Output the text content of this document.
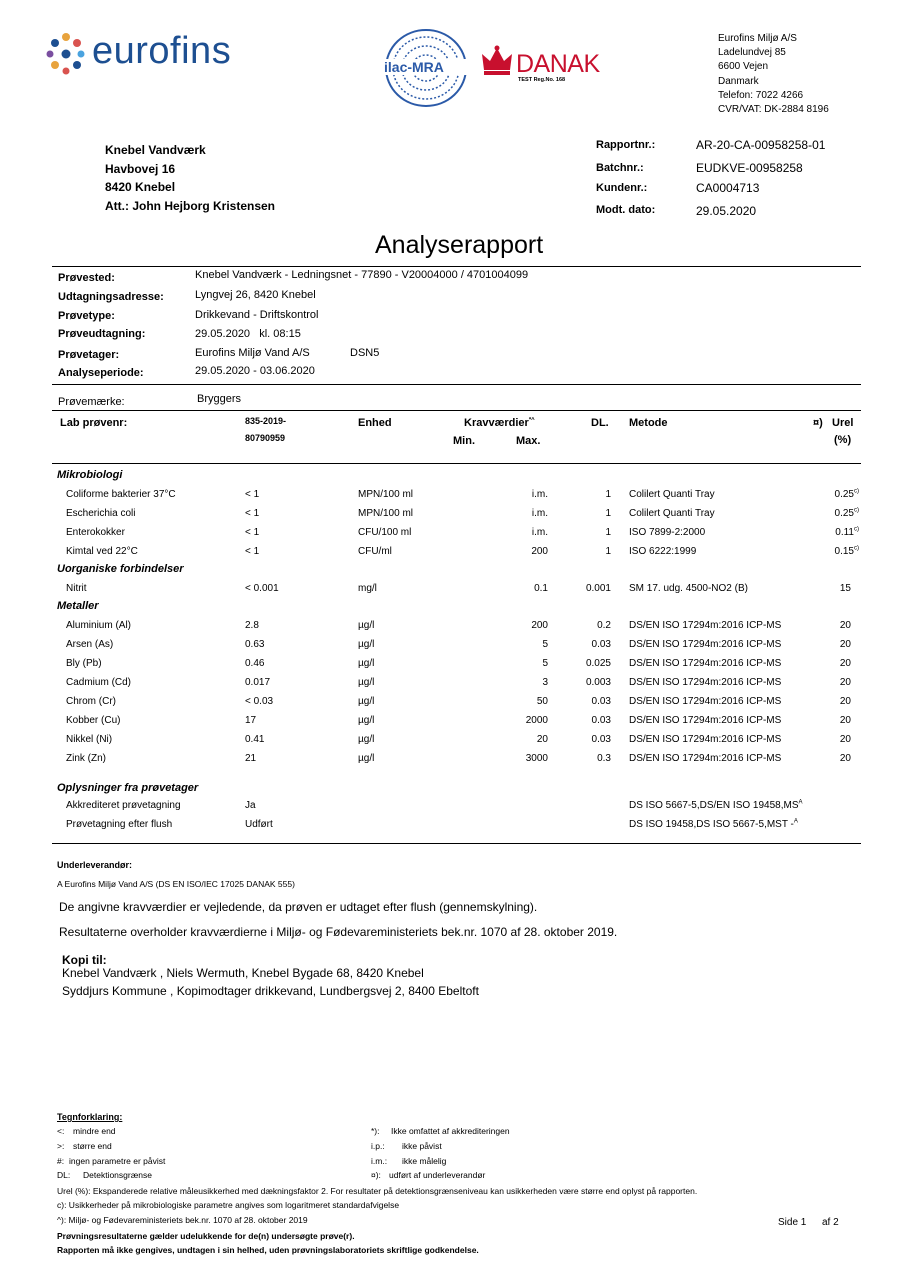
eurofins	ilac-MRA	DANAK
TEST Reg.No. 168
Eurofins Miljø A/S
Ladelundvej 85
6600 Vejen
Danmark
Telefon: 7022 4266
CVR/VAT: DK-2884 8196
Knebel Vandværk
Havbovej 16
8420 Knebel
Att.: John Hejborg Kristensen
Rapportnr.:	AR-20-CA-00958258-01
Batchnr.:	EUDKVE-00958258
Kundenr.:	CA0004713
Modt. dato:	29.05.2020
Analyserapport
Prøvested:	Knebel Vandværk - Ledningsnet - 77890 - V20004000 / 4701004099
Udtagningsadresse:	Lyngvej 26, 8420 Knebel
Prøvetype:	Drikkevand - Driftskontrol
Prøveudtagning:	29.05.2020   kl. 08:15
Prøvetager:	Eurofins Miljø Vand A/S	DSN5
Analyseperiode:	29.05.2020 - 03.06.2020
Prøvemærke:	Bryggers
Lab prøvenr:	835-2019-
80790959
Enhed	Kravværdier*^
Min.	Max.
DL. Metode	¤) Urel
(%)
Mikrobiologi
Coliforme bakterier 37°C	< 1	MPN/100 ml	i.m.	1 Colilert Quanti Tray	0.25$^{c)}$
Escherichia coli	< 1	MPN/100 ml	i.m.	1 Colilert Quanti Tray	0.25$^{c)}$
Enterokokker	< 1	CFU/100 ml	i.m.	1 ISO 7899-2:2000	0.11$^{c)}$
Kimtal ved 22°C	< 1	CFU/ml	200	1 ISO 6222:1999	0.15$^{c)}$
Uorganiske forbindelser
Nitrit	< 0.001	mg/l	0.1	0.001 SM 17. udg. 4500-NO2 (B)	15
Metaller
Aluminium (Al)	2.8	µg/l	200	0.2 DS/EN ISO 17294m:2016 ICP-MS	20
Arsen (As)	0.63	µg/l	5	0.03 DS/EN ISO 17294m:2016 ICP-MS	20
Bly (Pb)	0.46	µg/l	5	0.025 DS/EN ISO 17294m:2016 ICP-MS	20
Cadmium (Cd)	0.017	µg/l	3	0.003 DS/EN ISO 17294m:2016 ICP-MS	20
Chrom (Cr)	< 0.03	µg/l	50	0.03 DS/EN ISO 17294m:2016 ICP-MS	20
Kobber (Cu)	17	µg/l	2000	0.03 DS/EN ISO 17294m:2016 ICP-MS	20
Nikkel (Ni)	0.41	µg/l	20	0.03 DS/EN ISO 17294m:2016 ICP-MS	20
Zink (Zn)	21	µg/l	3000	0.3 DS/EN ISO 17294m:2016 ICP-MS	20
Oplysninger fra prøvetager
Akkrediteret prøvetagning	Ja	DS ISO 5667-5,DS/EN ISO $19458,MS^A$
Prøvetagning efter flush	Udført	DS ISO 19458,DS ISO 5667-5,MST -$^A$
Underleverandør:
A Eurofins Miljø Vand A/S (DS EN ISO/IEC 17025 DANAK 555)
De angivne kravværdier er vejledende, da prøven er udtaget efter flush (gennemskylning).
Resultaterne overholder kravværdierne i Miljø- og Fødevareministeriets bek.nr. 1070 af 28. oktober 2019.
Kopi til:
Knebel Vandværk , Niels Wermuth, Knebel Bygade 68, 8420 Knebel
Syddjurs Kommune , Kopimodtager drikkevand, Lundbergsvej 2, 8400 Ebeltoft
Tegnforklaring:
<: mindre end
>: større end
#: ingen parametre er påvist
DL: Detektionsgrænse
*): Ikke omfattet af akkrediteringen
i.p.: ikke påvist
i.m.: ikke målelig
¤): udført af underleverandør
Urel (%): Ekspanderede relative måleusikkerhed med dækningsfaktor 2. For resultater på detektionsgrænseniveau kan usikkerheden være større end oplyst på rapporten.
c): Usikkerheder på mikrobiologiske parametre angives som logaritmeret standardafvigelse
^): Miljø- og Fødevareministeriets bek.nr. 1070 af 28. oktober 2019
Prøvningsresultaterne gælder udelukkende for de(n) undersøgte prøve(r).
Rapporten må ikke gengives, undtagen i sin helhed, uden prøvningslaboratoriets skriftlige godkendelse.
Side 1 af 2
